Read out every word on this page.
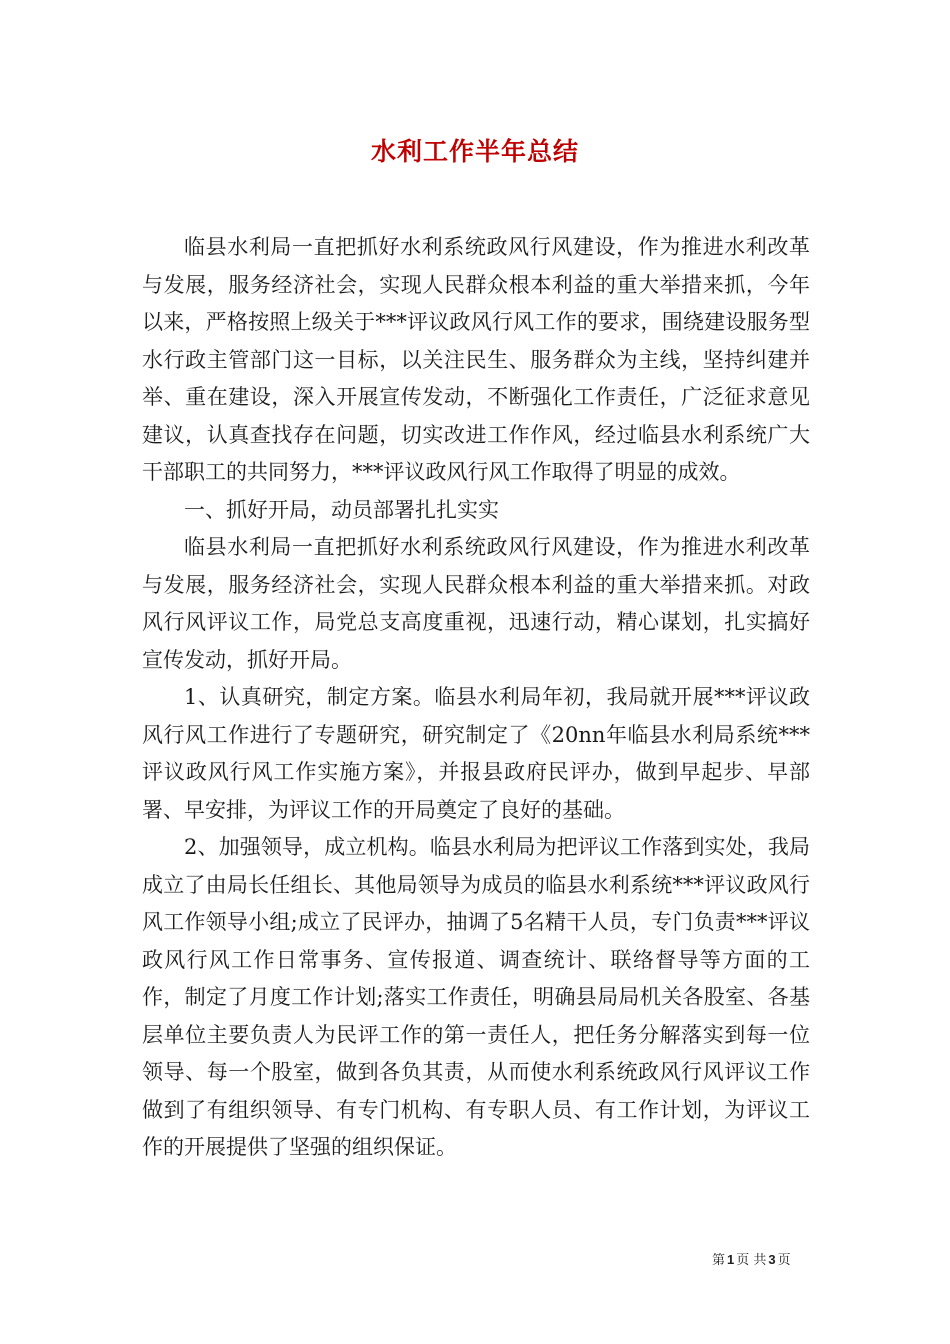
水利工作半年总结

临县水利局一直把抓好水利系统政风行风建设，作为推进水利改革与发展，服务经济社会，实现人民群众根本利益的重大举措来抓，今年以来，严格按照上级关于***评议政风行风工作的要求，围绕建设服务型水行政主管部门这一目标，以关注民生、服务群众为主线，坚持纠建并举、重在建设，深入开展宣传发动，不断强化工作责任，广泛征求意见建议，认真查找存在问题，切实改进工作作风，经过临县水利系统广大干部职工的共同努力，***评议政风行风工作取得了明显的成效。

一、抓好开局，动员部署扎扎实实

临县水利局一直把抓好水利系统政风行风建设，作为推进水利改革与发展，服务经济社会，实现人民群众根本利益的重大举措来抓。对政风行风评议工作，局党总支高度重视，迅速行动，精心谋划，扎实搞好宣传发动，抓好开局。

1、认真研究，制定方案。临县水利局年初，我局就开展***评议政风行风工作进行了专题研究，研究制定了《20nn年临县水利局系统***评议政风行风工作实施方案》，并报县政府民评办，做到早起步、早部署、早安排，为评议工作的开局奠定了良好的基础。

2、加强领导，成立机构。临县水利局为把评议工作落到实处，我局成立了由局长任组长、其他局领导为成员的临县水利系统***评议政风行风工作领导小组;成立了民评办，抽调了5名精干人员，专门负责***评议政风行风工作日常事务、宣传报道、调查统计、联络督导等方面的工作，制定了月度工作计划;落实工作责任，明确县局局机关各股室、各基层单位主要负责人为民评工作的第一责任人，把任务分解落实到每一位领导、每一个股室，做到各负其责，从而使水利系统政风行风评议工作做到了有组织领导、有专门机构、有专职人员、有工作计划，为评议工作的开展提供了坚强的组织保证。

第 1 页 共 3 页
